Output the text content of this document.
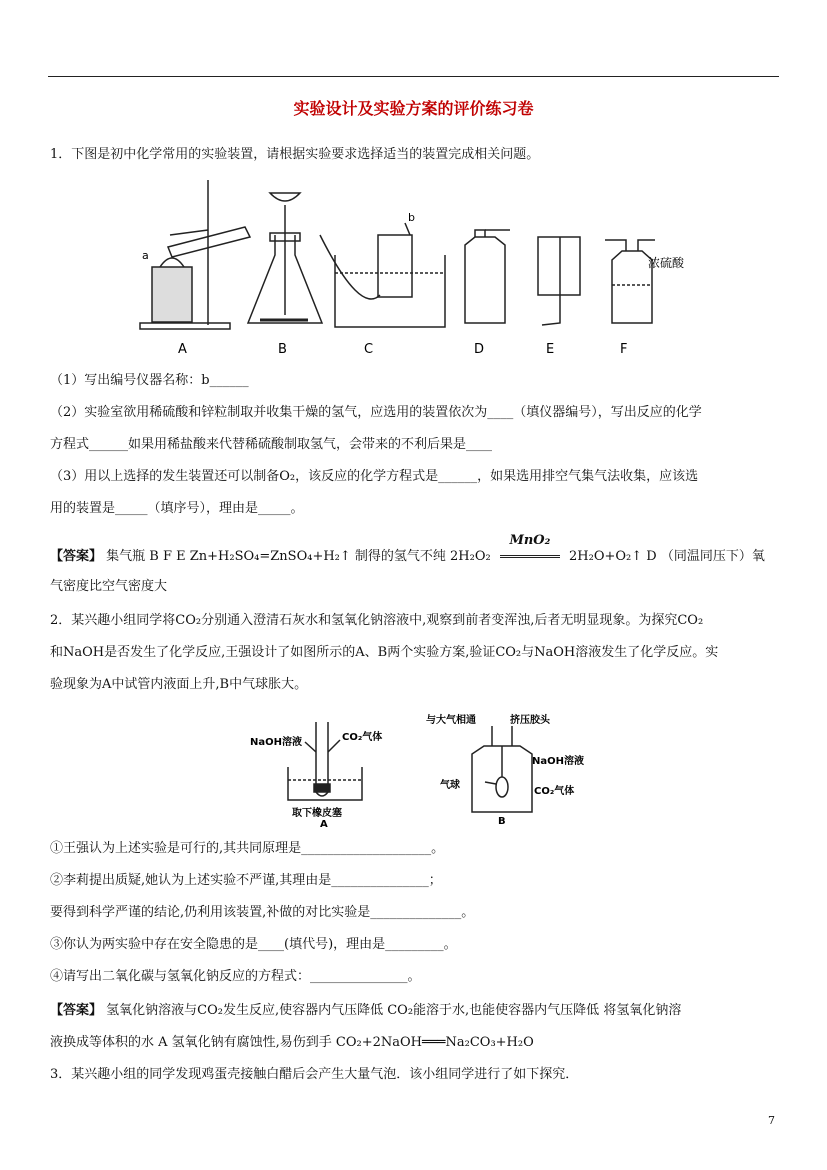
实验设计及实验方案的评价练习卷
1．下图是初中化学常用的实验装置，请根据实验要求选择适当的装置完成相关问题。
a
b
浓硫酸
A	B	C	D	E	F
（1）写出编号仪器名称：b______
（2）实验室欲用稀硫酸和锌粒制取并收集干燥的氢气，应选用的装置依次为____（填仪器编号），写出反应的化学
方程式______如果用稀盐酸来代替稀硫酸制取氢气，会带来的不利后果是____
（3）用以上选择的发生装置还可以制备O₂，该反应的化学方程式是______，如果选用排空气集气法收集，应该选
用的装置是_____（填序号），理由是_____。
【答案】 集气瓶 B F E Zn+H₂SO₄=ZnSO₄+H₂↑ 制得的氢气不纯 2H₂O₂
MnO₂
2H₂O+O₂↑ D （同温同压下）氧
气密度比空气密度大
2．某兴趣小组同学将CO₂分别通入澄清石灰水和氢氧化钠溶液中,观察到前者变浑浊,后者无明显现象。为探究CO₂
和NaOH是否发生了化学反应,王强设计了如图所示的A、B两个实验方案,验证CO₂与NaOH溶液发生了化学反应。实
验现象为A中试管内液面上升,B中气球胀大。
NaOH溶液	CO₂气体
取下橡皮塞
A
与大气相通	挤压胶头
NaOH溶液
气球
CO₂气体
B
①王强认为上述实验是可行的,其共同原理是____________________。
②李莉提出质疑,她认为上述实验不严谨,其理由是_______________；
要得到科学严谨的结论,仍利用该装置,补做的对比实验是______________。
③你认为两实验中存在安全隐患的是____(填代号)，理由是_________。
④请写出二氧化碳与氢氧化钠反应的方程式：_______________。
【答案】 氢氧化钠溶液与CO₂发生反应,使容器内气压降低 CO₂能溶于水,也能使容器内气压降低 将氢氧化钠溶
液换成等体积的水 A 氢氧化钠有腐蚀性,易伤到手 CO₂+2NaOH═══Na₂CO₃+H₂O
3．某兴趣小组的同学发现鸡蛋壳接触白醋后会产生大量气泡．该小组同学进行了如下探究．
7
